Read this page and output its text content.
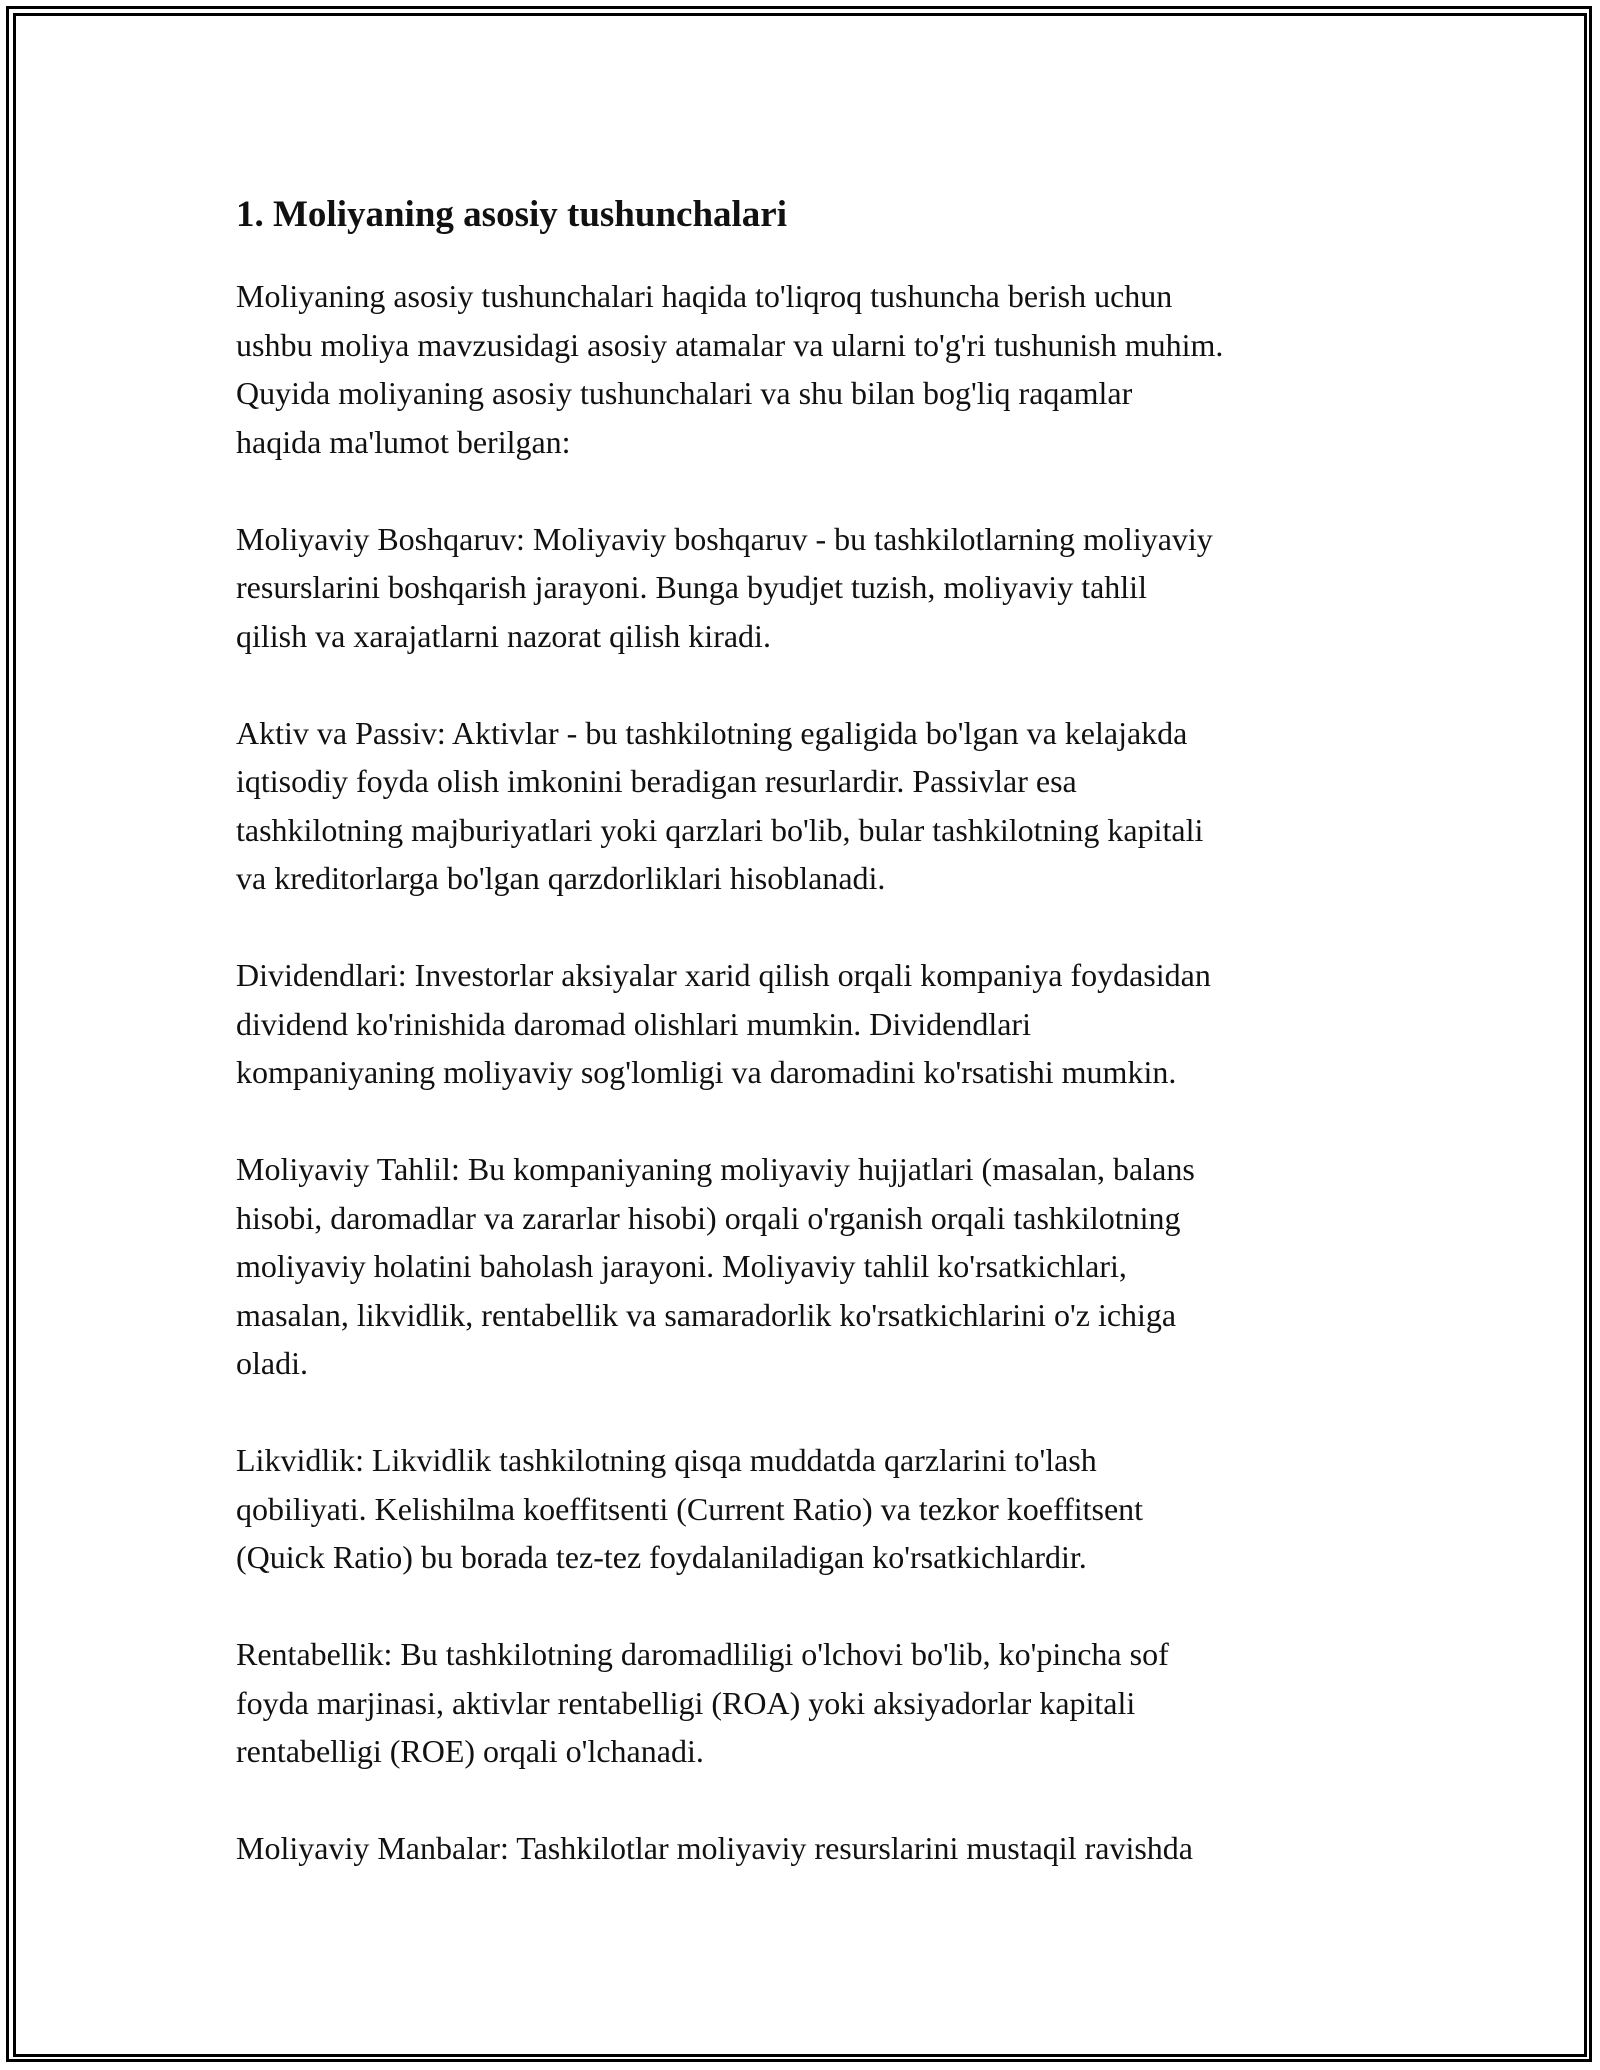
1. Moliyaning asosiy tushunchalari

Moliyaning asosiy tushunchalari haqida to'liqroq tushuncha berish uchun
ushbu moliya mavzusidagi asosiy atamalar va ularni to'g'ri tushunish muhim.
Quyida moliyaning asosiy tushunchalari va shu bilan bog'liq raqamlar
haqida ma'lumot berilgan:

Moliyaviy Boshqaruv: Moliyaviy boshqaruv - bu tashkilotlarning moliyaviy
resurslarini boshqarish jarayoni. Bunga byudjet tuzish, moliyaviy tahlil
qilish va xarajatlarni nazorat qilish kiradi.

Aktiv va Passiv: Aktivlar - bu tashkilotning egaligida bo'lgan va kelajakda
iqtisodiy foyda olish imkonini beradigan resurlardir. Passivlar esa
tashkilotning majburiyatlari yoki qarzlari bo'lib, bular tashkilotning kapitali
va kreditorlarga bo'lgan qarzdorliklari hisoblanadi.

Dividendlari: Investorlar aksiyalar xarid qilish orqali kompaniya foydasidan
dividend ko'rinishida daromad olishlari mumkin. Dividendlari
kompaniyaning moliyaviy sog'lomligi va daromadini ko'rsatishi mumkin.

Moliyaviy Tahlil: Bu kompaniyaning moliyaviy hujjatlari (masalan, balans
hisobi, daromadlar va zararlar hisobi) orqali o'rganish orqali tashkilotning
moliyaviy holatini baholash jarayoni. Moliyaviy tahlil ko'rsatkichlari,
masalan, likvidlik, rentabellik va samaradorlik ko'rsatkichlarini o'z ichiga
oladi.

Likvidlik: Likvidlik tashkilotning qisqa muddatda qarzlarini to'lash
qobiliyati. Kelishilma koeffitsenti (Current Ratio) va tezkor koeffitsent
(Quick Ratio) bu borada tez-tez foydalaniladigan ko'rsatkichlardir.

Rentabellik: Bu tashkilotning daromadliligi o'lchovi bo'lib, ko'pincha sof
foyda marjinasi, aktivlar rentabelligi (ROA) yoki aksiyadorlar kapitali
rentabelligi (ROE) orqali o'lchanadi.

Moliyaviy Manbalar: Tashkilotlar moliyaviy resurslarini mustaqil ravishda
